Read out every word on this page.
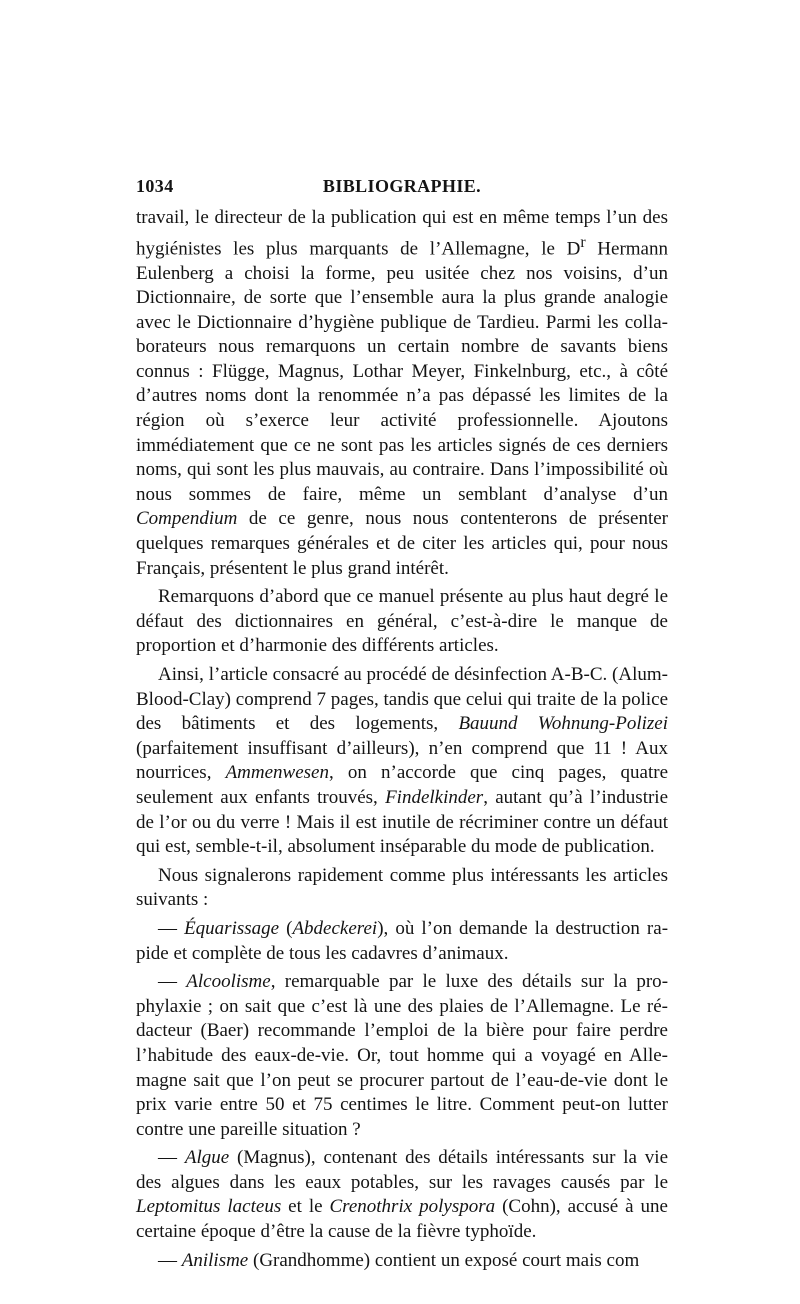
1034	BIBLIOGRAPHIE.

travail, le directeur de la publication qui est en même temps l’un des hygiénistes les plus marquants de l’Allemagne, le $D^r$ Hermann Eulenberg a choisi la forme, peu usitée chez nos voisins, d’un Dictionnaire, de sorte que l’ensemble aura la plus grande analogie avec le Dictionnaire d’hygiène publique de Tardieu. Parmi les collaborateurs nous remarquons un certain nombre de savants biens connus : Flügge, Magnus, Lothar Meyer, Finkelnburg, etc., à côté d’autres noms dont la renommée n’a pas dépassé les limites de la région où s’exerce leur activité professionnelle. Ajoutons immédiatement que ce ne sont pas les articles signés de ces derniers noms, qui sont les plus mauvais, au contraire. Dans l’impossibilité où nous sommes de faire, même un semblant d’analyse d’un Compendium de ce genre, nous nous contenterons de présenter quelques remarques générales et de citer les articles qui, pour nous Français, présentent le plus grand intérêt.

Remarquons d’abord que ce manuel présente au plus haut degré le défaut des dictionnaires en général, c’est-à-dire le manque de proportion et d’harmonie des différents articles.

Ainsi, l’article consacré au procédé de désinfection A-B-C. (Alum-Blood-Clay) comprend 7 pages, tandis que celui qui traite de la police des bâtiments et des logements, Bauund Wohnung-Polizei (parfaitement insuffisant d’ailleurs), n’en comprend que 11 ! Aux nourrices, Ammenwesen, on n’accorde que cinq pages, quatre seulement aux enfants trouvés, Findelkinder, autant qu’à l’industrie de l’or ou du verre ! Mais il est inutile de récriminer contre un défaut qui est, semble-t-il, absolument inséparable du mode de publication.

Nous signalerons rapidement comme plus intéressants les articles suivants :

— Équarissage (Abdeckerei), où l’on demande la destruction rapide et complète de tous les cadavres d’animaux.

— Alcoolisme, remarquable par le luxe des détails sur la prophylaxie ; on sait que c’est là une des plaies de l’Allemagne. Le rédacteur (Baer) recommande l’emploi de la bière pour faire perdre l’habitude des eaux-de-vie. Or, tout homme qui a voyagé en Allemagne sait que l’on peut se procurer partout de l’eau-de-vie dont le prix varie entre 50 et 75 centimes le litre. Comment peut-on lutter contre une pareille situation ?

— Algue (Magnus), contenant des détails intéressants sur la vie des algues dans les eaux potables, sur les ravages causés par le Leptomitus lacteus et le Crenothrix polyspora (Cohn), accusé à une certaine époque d’être la cause de la fièvre typhoïde.

— Anilisme (Grandhomme) contient un exposé court mais com
